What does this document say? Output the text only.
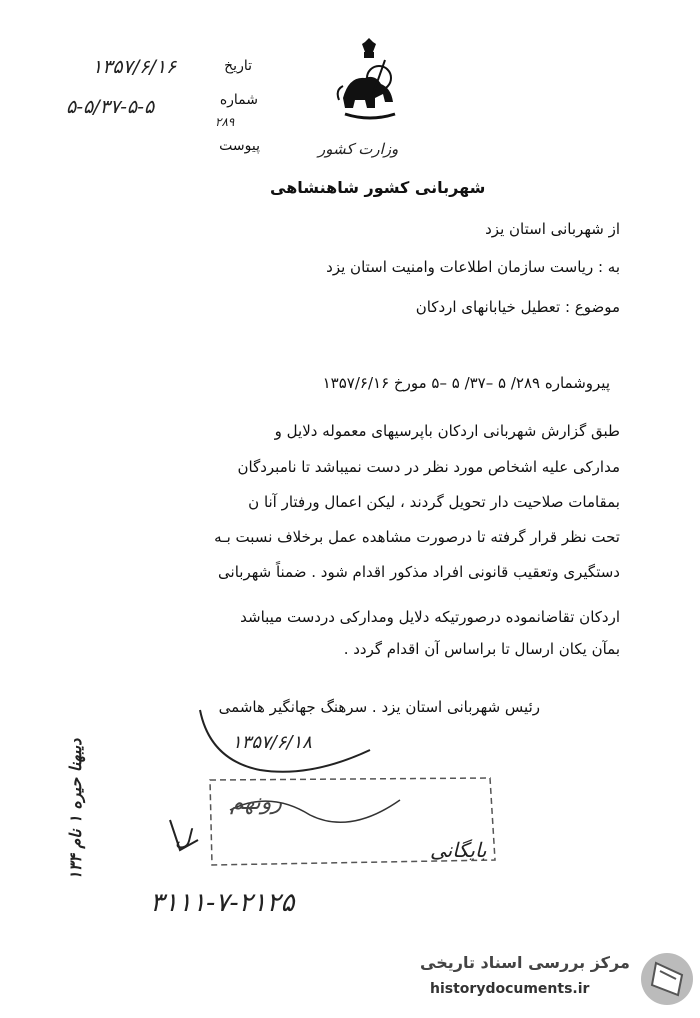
تاریخ
۱۳۵۷/۶/۱۶
شماره
۵-۵/۳۷-۵-۵
۲۸۹
پیوست	وزارت کشور
شهربانی کشور شاهنشاهی
از شهربانی استان یزد
به : ریاست سازمان اطلاعات وامنیت استان یزد
موضوع : تعطیل خیابانهای اردکان
پیروشماره ۲۸۹/ ۵ –۳۷/ ۵ –۵ مورخ ۱۳۵۷/۶/۱۶
طبق گزارش شهربانی اردکان باپرسیهای معموله دلایل و
مدارکی علیه اشخاص مورد نظر در دست نمیباشد تا نامبردگان
بمقامات صلاحیت دار تحویل گردند ، لیکن اعمال ورفتار آنا ن
تحت نظر قرار گرفته تا درصورت مشاهده عمل برخلاف نسبت بـه
دستگیری وتعقیب قانونی افراد مذکور اقدام شود . ضمناً شهربانی
اردکان تقاضانموده درصورتیکه دلایل ومدارکی دردست میباشد
بمآن یکان ارسال تا براساس آن اقدام گردد .
رئیس شهربانی استان یزد . سرهنگ جهانگیر هاشمی
۱۳۵۷/۶/۱۸
رونهم
ل	بایگانی
۳۱۱۱-۷-۲۱۲۵
۱۳۴ دیبهنا حیره ۱ نام
مرکز بررسی اسناد تاریخی
historydocuments.ir
